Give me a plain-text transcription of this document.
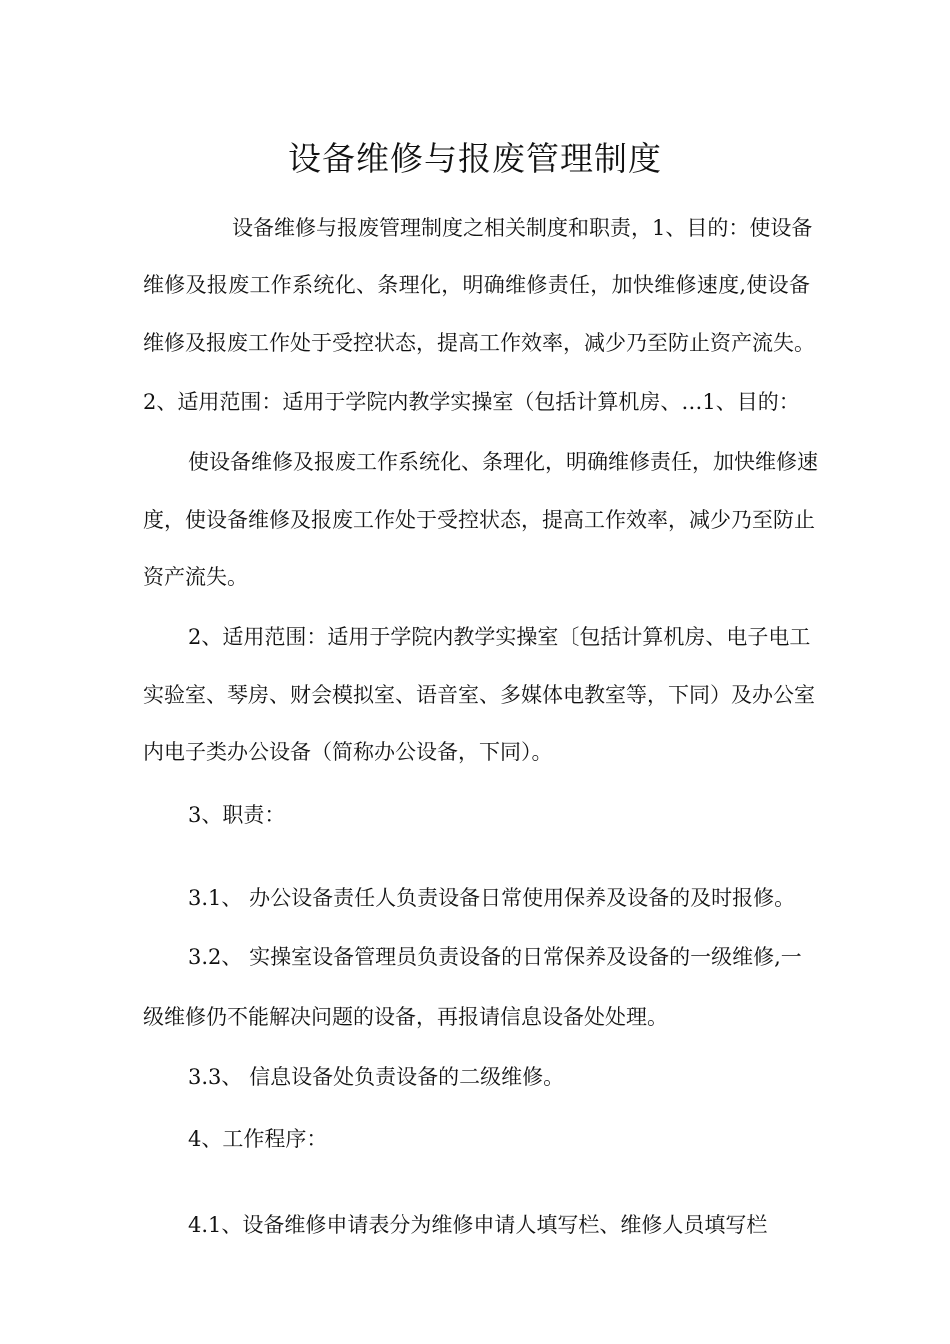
设备维修与报废管理制度
设备维修与报废管理制度之相关制度和职责，1、目的：使设备
维修及报废工作系统化、条理化，明确维修责任，加快维修速度,使设备
维修及报废工作处于受控状态，提高工作效率，减少乃至防止资产流失。
2、适用范围：适用于学院内教学实操室（包括计算机房、…1、目的：
使设备维修及报废工作系统化、条理化，明确维修责任，加快维修速
度，使设备维修及报废工作处于受控状态，提高工作效率，减少乃至防止
资产流失。
2、适用范围：适用于学院内教学实操室〔包括计算机房、电子电工
实验室、琴房、财会模拟室、语音室、多媒体电教室等，下同）及办公室
内电子类办公设备（简称办公设备，下同）。
3、职责：
3.1、 办公设备责任人负责设备日常使用保养及设备的及时报修。
3.2、 实操室设备管理员负责设备的日常保养及设备的一级维修,一
级维修仍不能解决问题的设备，再报请信息设备处处理。
3.3、 信息设备处负责设备的二级维修。
4、工作程序：
4.1、设备维修申请表分为维修申请人填写栏、维修人员填写栏
